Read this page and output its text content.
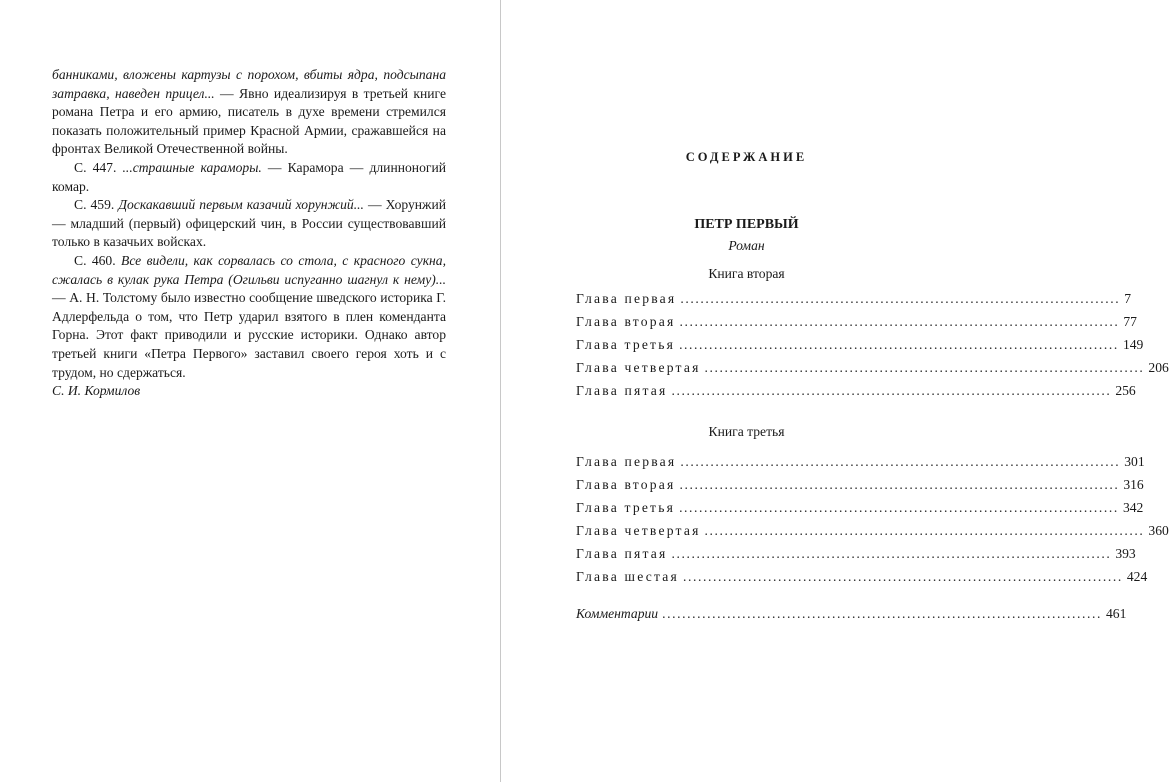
банниками, вложены картузы с порохом, вбиты ядра, подсыпана затравка, наведен прицел... — Явно идеализируя в третьей книге романа Петра и его армию, писатель в духе времени стремился показать положительный пример Красной Армии, сражавшейся на фронтах Великой Отечественной войны.

С. 447. ...страшные караморы. — Карамора — длинноногий комар.

С. 459. Доскакавший первым казачий хорунжий... — Хорунжий — младший (первый) офицерский чин, в России существовавший только в казачьих войсках.

С. 460. Все видели, как сорвалась со стола, с красного сукна, сжалась в кулак рука Петра (Огильви испуганно шагнул к нему)... — А. Н. Толстому было известно сообщение шведского историка Г. Адлерфельда о том, что Петр ударил взятого в плен коменданта Горна. Этот факт приводили и русские историки. Однако автор третьей книги «Петра Первого» заставил своего героя хоть и с трудом, но сдержаться.

С. И. Кормилов

СОДЕРЖАНИЕ
ПЕТР ПЕРВЫЙ
Роман
Книга вторая
Глава первая ........................................................................................ 7
Глава вторая ........................................................................................ 77
Глава третья ........................................................................................ 149
Глава четвертая ........................................................................................ 206
Глава пятая ........................................................................................ 256
Книга третья
Глава первая ........................................................................................ 301
Глава вторая ........................................................................................ 316
Глава третья ........................................................................................ 342
Глава четвертая ........................................................................................ 360
Глава пятая ........................................................................................ 393
Глава шестая ........................................................................................ 424
Комментарии ........................................................................................ 461
